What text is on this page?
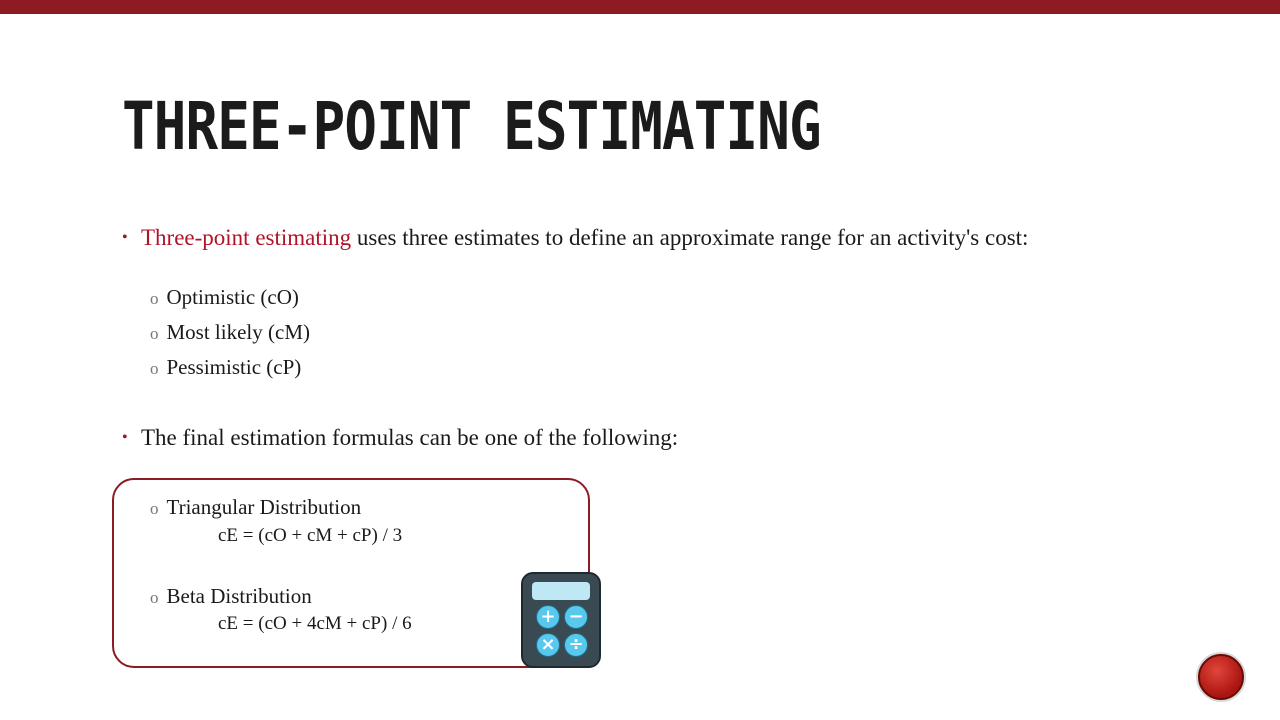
THREE-POINT ESTIMATING
• Three-point estimating uses three estimates to define an approximate range for an activity's cost:
o Optimistic (cO)
o Most likely (cM)
o Pessimistic (cP)
• The final estimation formulas can be one of the following:
o Triangular Distribution
cE = (cO + cM + cP) / 3
o Beta Distribution
cE = (cO + 4cM + cP) / 6	+ −
× ÷
